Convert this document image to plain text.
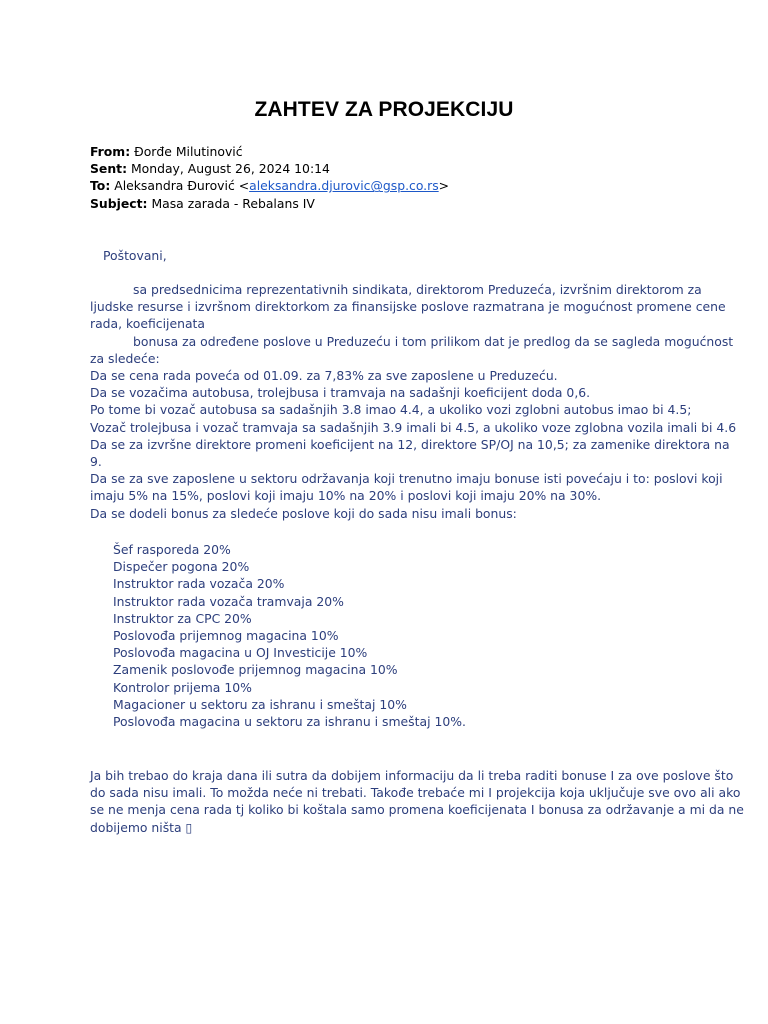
ZAHTEV ZA PROJEKCIJU
From: Đorđe Milutinović
Sent: Monday, August 26, 2024 10:14
To: Aleksandra Đurović <aleksandra.djurovic@gsp.co.rs>
Subject: Masa zarada - Rebalans IV
Poštovani,
sa predsednicima reprezentativnih sindikata, direktorom Preduzeća, izvršnim direktorom za
ljudske resurse i izvršnom direktorkom za finansijske poslove razmatrana je mogućnost promene cene
rada, koeficijenata
bonusa za određene poslove u Preduzeću i tom prilikom dat je predlog da se sagleda mogućnost
za sledeće:
Da se cena rada poveća od 01.09. za 7,83% za sve zaposlene u Preduzeću.
Da se vozačima autobusa, trolejbusa i tramvaja na sadašnji koeficijent doda 0,6.
Po tome bi vozač autobusa sa sadašnjih 3.8 imao 4.4, a ukoliko vozi zglobni autobus imao bi 4.5;
Vozač trolejbusa i vozač tramvaja sa sadašnjih 3.9 imali bi 4.5, a ukoliko voze zglobna vozila imali bi 4.6
Da se za izvršne direktore promeni koeficijent na 12, direktore SP/OJ na 10,5; za zamenike direktora na
9.
Da se za sve zaposlene u sektoru održavanja koji trenutno imaju bonuse isti povećaju i to: poslovi koji
imaju 5% na 15%, poslovi koji imaju 10% na 20% i poslovi koji imaju 20% na 30%.
Da se dodeli bonus za sledeće poslove koji do sada nisu imali bonus:
Šef rasporeda 20%
Dispečer pogona 20%
Instruktor rada vozača 20%
Instruktor rada vozača tramvaja 20%
Instruktor za CPC 20%
Poslovođa prijemnog magacina 10%
Poslovođa magacina u OJ Investicije 10%
Zamenik poslovođe prijemnog magacina 10%
Kontrolor prijema 10%
Magacioner u sektoru za ishranu i smeštaj 10%
Poslovođa magacina u sektoru za ishranu i smeštaj 10%.
Ja bih trebao do kraja dana ili sutra da dobijem informaciju da li treba raditi bonuse I za ove poslove što
do sada nisu imali. To možda neće ni trebati. Takođe trebaće mi I projekcija koja uključuje sve ovo ali ako
se ne menja cena rada tj koliko bi koštala samo promena koeficijenata I bonusa za održavanje a mi da ne
dobijemo ništa ▯
